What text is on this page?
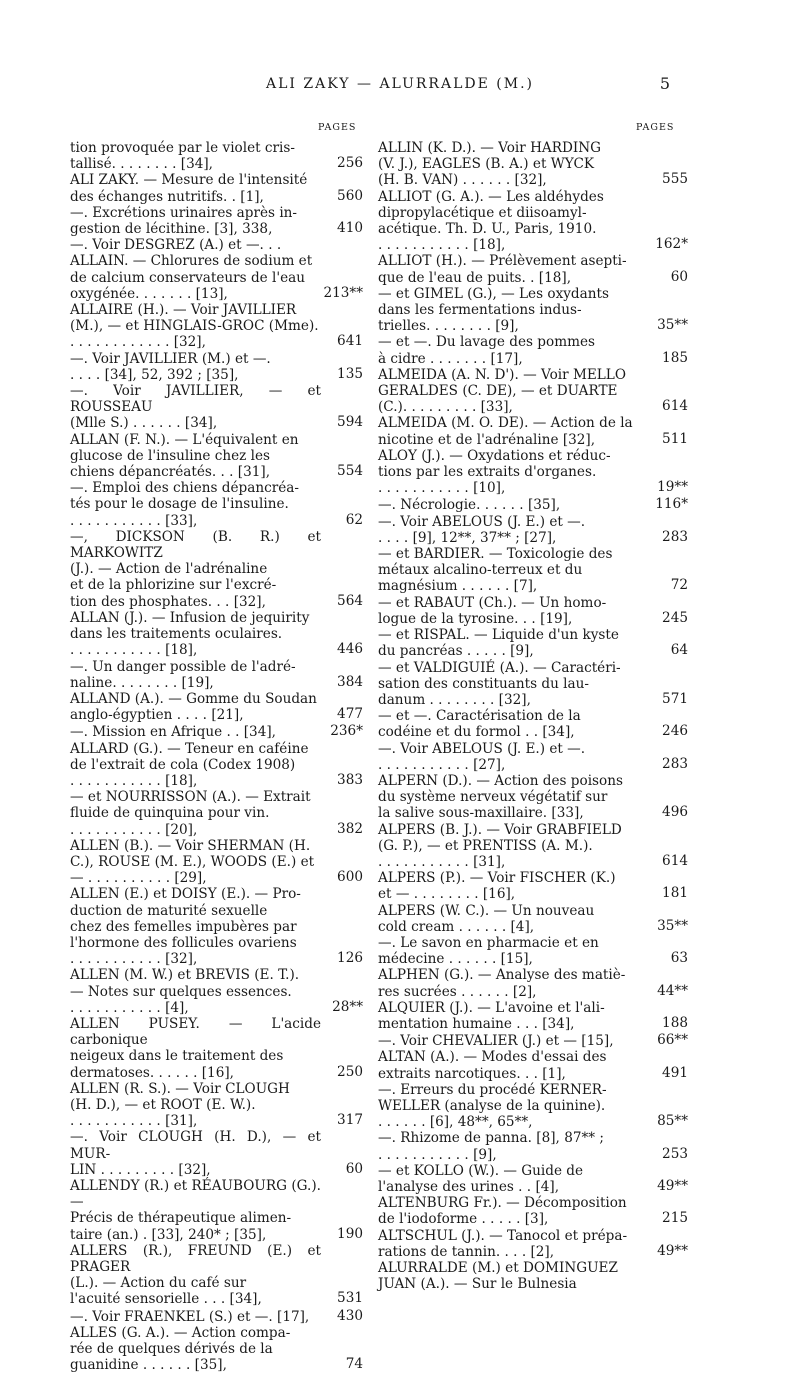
ALI ZAKY — ALURRALDE (M.)	5
PAGES	PAGES
tion provoquée par le violet cris-
tallisé. . . . . . . . [34],	256
ALI ZAKY. — Mesure de l'intensité
des échanges nutritifs. . [1],	560
—. Excrétions urinaires après in-
gestion de lécithine. [3], 338,	410
—. Voir DESGREZ (A.) et —. . .
ALLAIN. — Chlorures de sodium et
de calcium conservateurs de l'eau
oxygénée. . . . . . . [13],	213**
ALLAIRE (H.). — Voir JAVILLIER
(M.), — et HINGLAIS-GROC (Mme).
. . . . . . . . . . . . [32],	641
—. Voir JAVILLIER (M.) et —.
. . . . [34], 52, 392 ; [35],	135
—. Voir JAVILLIER, — et ROUSSEAU
(Mlle S.) . . . . . . [34],	594
ALLAN (F. N.). — L'équivalent en
glucose de l'insuline chez les
chiens dépancréatés. . . [31],	554
—. Emploi des chiens dépancréa-
tés pour le dosage de l'insuline.
. . . . . . . . . . . [33],	62
—, DICKSON (B. R.) et MARKOWITZ
(J.). — Action de l'adrénaline
et de la phlorizine sur l'excré-
tion des phosphates. . . [32],	564
ALLAN (J.). — Infusion de jequirity
dans les traitements oculaires.
. . . . . . . . . . . [18],	446
—. Un danger possible de l'adré-
naline. . . . . . . . [19],	384
ALLAND (A.). — Gomme du Soudan
anglo-égyptien . . . . [21],	477
—. Mission en Afrique . . [34],	236*
ALLARD (G.). — Teneur en caféine
de l'extrait de cola (Codex 1908)
. . . . . . . . . . . [18],	383
— et NOURRISSON (A.). — Extrait
fluide de quinquina pour vin.
. . . . . . . . . . . [20],	382
ALLEN (B.). — Voir SHERMAN (H.
C.), ROUSE (M. E.), WOODS (E.) et
— . . . . . . . . . . [29],	600
ALLEN (E.) et DOISY (E.). — Pro-
duction de maturité sexuelle
chez des femelles impubères par
l'hormone des follicules ovariens
. . . . . . . . . . . [32],	126
ALLEN (M. W.) et BREVIS (E. T.).
— Notes sur quelques essences.
. . . . . . . . . . . [4],	28**
ALLEN PUSEY. — L'acide carbonique
neigeux dans le traitement des
dermatoses. . . . . . [16],	250
ALLEN (R. S.). — Voir CLOUGH
(H. D.), — et ROOT (E. W.).
. . . . . . . . . . . [31],	317
—. Voir CLOUGH (H. D.), — et MUR-
LIN . . . . . . . . . [32],	60
ALLENDY (R.) et RÉAUBOURG (G.). —
Précis de thérapeutique alimen-
taire (an.) . [33], 240* ; [35],	190
ALLERS (R.), FREUND (E.) et PRAGER
(L.). — Action du café sur
l'acuité sensorielle . . . [34],	531
—. Voir FRAENKEL (S.) et —. [17],	430
ALLES (G. A.). — Action compa-
rée de quelques dérivés de la
guanidine . . . . . . [35],	74
ALLIN (K. D.). — Voir HARDING
(V. J.), EAGLES (B. A.) et WYCK
(H. B. VAN) . . . . . . [32],	555
ALLIOT (G. A.). — Les aldéhydes
dipropylacétique et diisoamyl-
acétique. Th. D. U., Paris, 1910.
. . . . . . . . . . . [18],	162*
ALLIOT (H.). — Prélèvement asepti-
que de l'eau de puits. . [18],	60
— et GIMEL (G.), — Les oxydants
dans les fermentations indus-
trielles. . . . . . . . [9],	35**
— et —. Du lavage des pommes
à cidre . . . . . . . [17],	185
ALMEIDA (A. N. D'). — Voir MELLO
GERALDES (C. DE), — et DUARTE
(C.). . . . . . . . . [33],	614
ALMEIDA (M. O. DE). — Action de la
nicotine et de l'adrénaline [32],	511
ALOY (J.). — Oxydations et réduc-
tions par les extraits d'organes.
. . . . . . . . . . . [10],	19**
—. Nécrologie. . . . . . [35],	116*
—. Voir ABELOUS (J. E.) et —.
. . . . [9], 12**, 37** ; [27],	283
— et BARDIER. — Toxicologie des
métaux alcalino-terreux et du
magnésium . . . . . . [7],	72
— et RABAUT (Ch.). — Un homo-
logue de la tyrosine. . . [19],	245
— et RISPAL. — Liquide d'un kyste
du pancréas . . . . . [9],	64
— et VALDIGUIÉ (A.). — Caractéri-
sation des constituants du lau-
danum . . . . . . . . [32],	571
— et —. Caractérisation de la
codéine et du formol . . [34],	246
—. Voir ABELOUS (J. E.) et —.
. . . . . . . . . . . [27],	283
ALPERN (D.). — Action des poisons
du système nerveux végétatif sur
la salive sous-maxillaire. [33],	496
ALPERS (B. J.). — Voir GRABFIELD
(G. P.), — et PRENTISS (A. M.).
. . . . . . . . . . . [31],	614
ALPERS (P.). — Voir FISCHER (K.)
et — . . . . . . . . [16],	181
ALPERS (W. C.). — Un nouveau
cold cream . . . . . . [4],	35**
—. Le savon en pharmacie et en
médecine . . . . . . [15],	63
ALPHEN (G.). — Analyse des matiè-
res sucrées . . . . . . [2],	44**
ALQUIER (J.). — L'avoine et l'ali-
mentation humaine . . . [34],	188
—. Voir CHEVALIER (J.) et — [15],	66**
ALTAN (A.). — Modes d'essai des
extraits narcotiques. . . [1],	491
—. Erreurs du procédé KERNER-
WELLER (analyse de la quinine).
. . . . . . [6], 48**, 65**,	85**
—. Rhizome de panna. [8], 87** ;
. . . . . . . . . . . [9],	253
— et KOLLO (W.). — Guide de
l'analyse des urines . . [4],	49**
ALTENBURG Fr.). — Décomposition
de l'iodoforme . . . . . [3],	215
ALTSCHUL (J.). — Tanocol et prépa-
rations de tannin. . . . [2],	49**
ALURRALDE (M.) et DOMINGUEZ
JUAN (A.). — Sur le Bulnesia
